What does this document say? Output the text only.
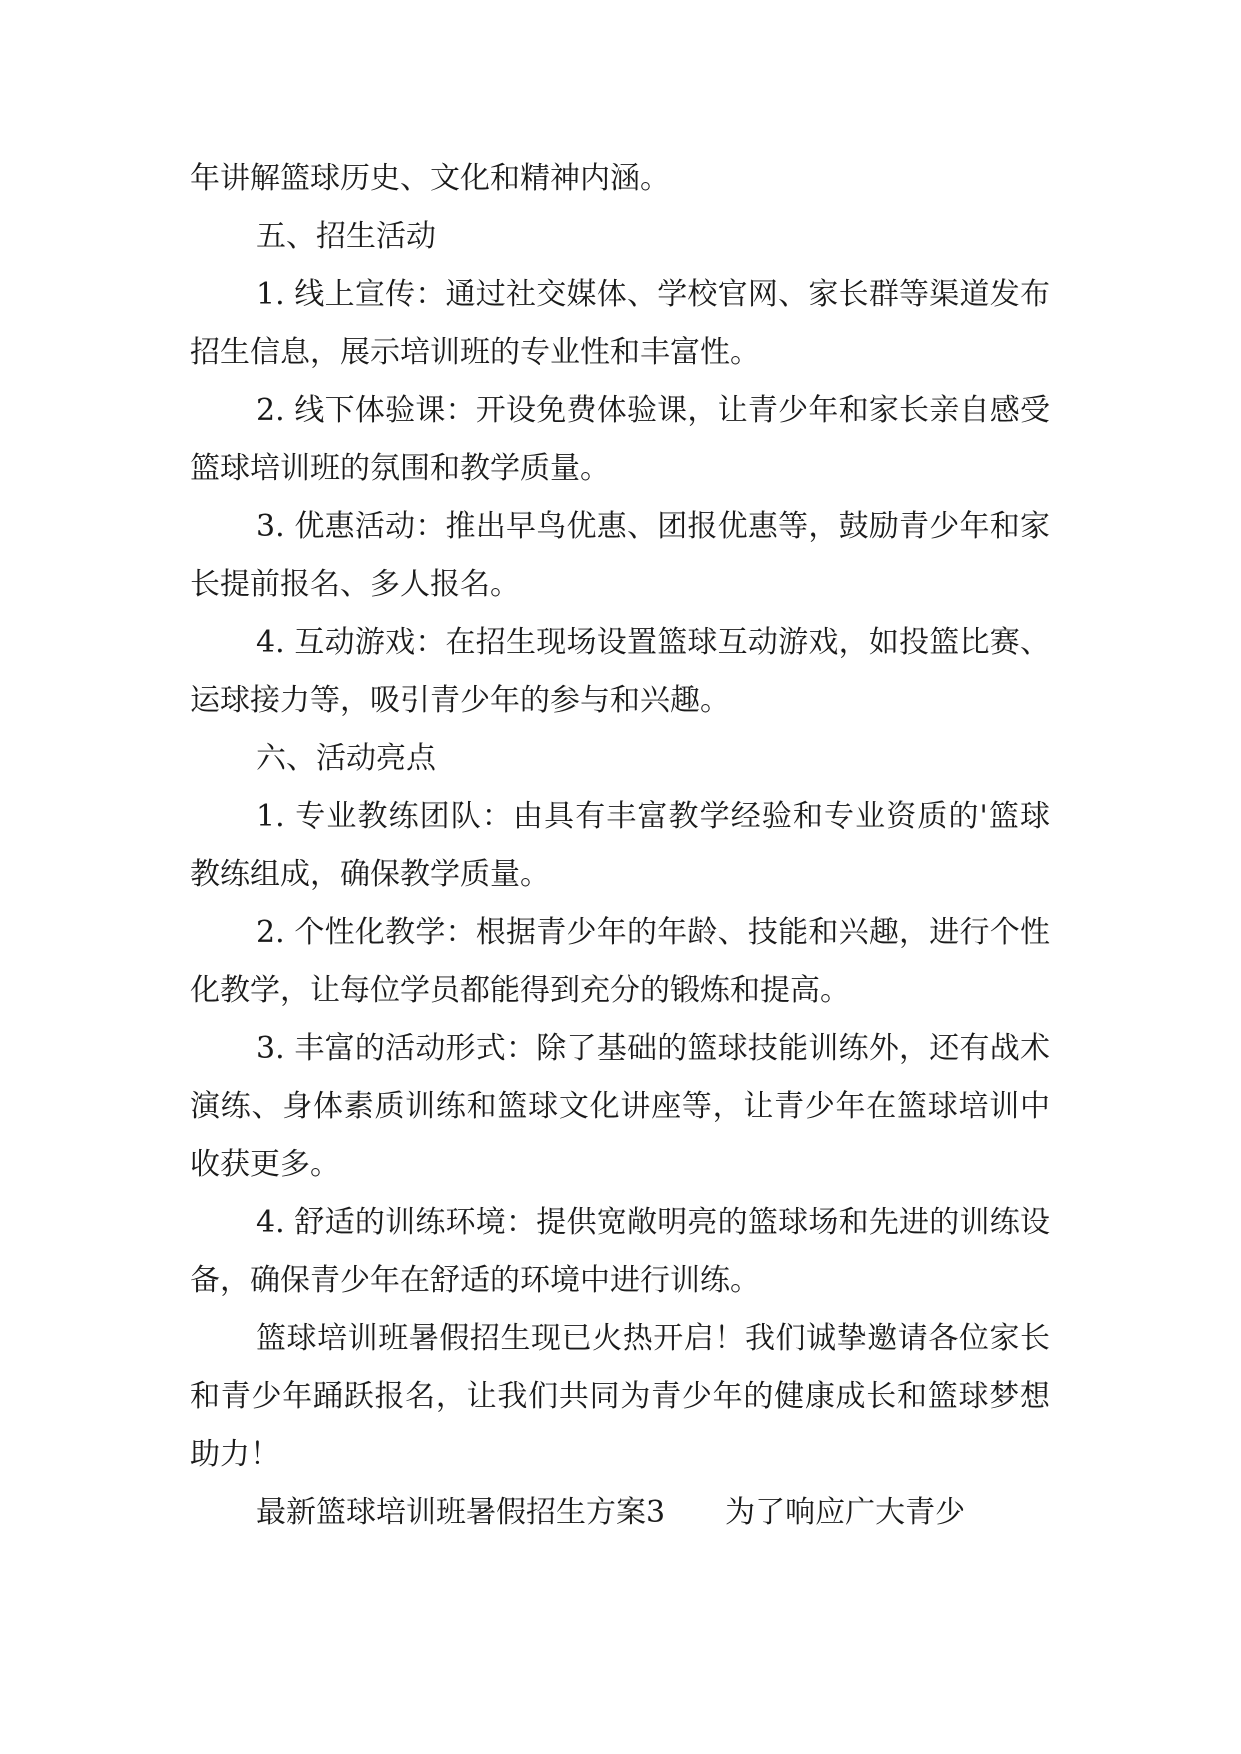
年讲解篮球历史、文化和精神内涵。

五、招生活动

1. 线上宣传：通过社交媒体、学校官网、家长群等渠道发布招生信息，展示培训班的专业性和丰富性。

2. 线下体验课：开设免费体验课，让青少年和家长亲自感受篮球培训班的氛围和教学质量。

3. 优惠活动：推出早鸟优惠、团报优惠等，鼓励青少年和家长提前报名、多人报名。

4. 互动游戏：在招生现场设置篮球互动游戏，如投篮比赛、运球接力等，吸引青少年的参与和兴趣。

六、活动亮点

1. 专业教练团队：由具有丰富教学经验和专业资质的'篮球教练组成，确保教学质量。

2. 个性化教学：根据青少年的年龄、技能和兴趣，进行个性化教学，让每位学员都能得到充分的锻炼和提高。

3. 丰富的活动形式：除了基础的篮球技能训练外，还有战术演练、身体素质训练和篮球文化讲座等，让青少年在篮球培训中收获更多。

4. 舒适的训练环境：提供宽敞明亮的篮球场和先进的训练设备，确保青少年在舒适的环境中进行训练。

篮球培训班暑假招生现已火热开启！我们诚挚邀请各位家长和青少年踊跃报名，让我们共同为青少年的健康成长和篮球梦想助力！

最新篮球培训班暑假招生方案3　　为了响应广大青少
